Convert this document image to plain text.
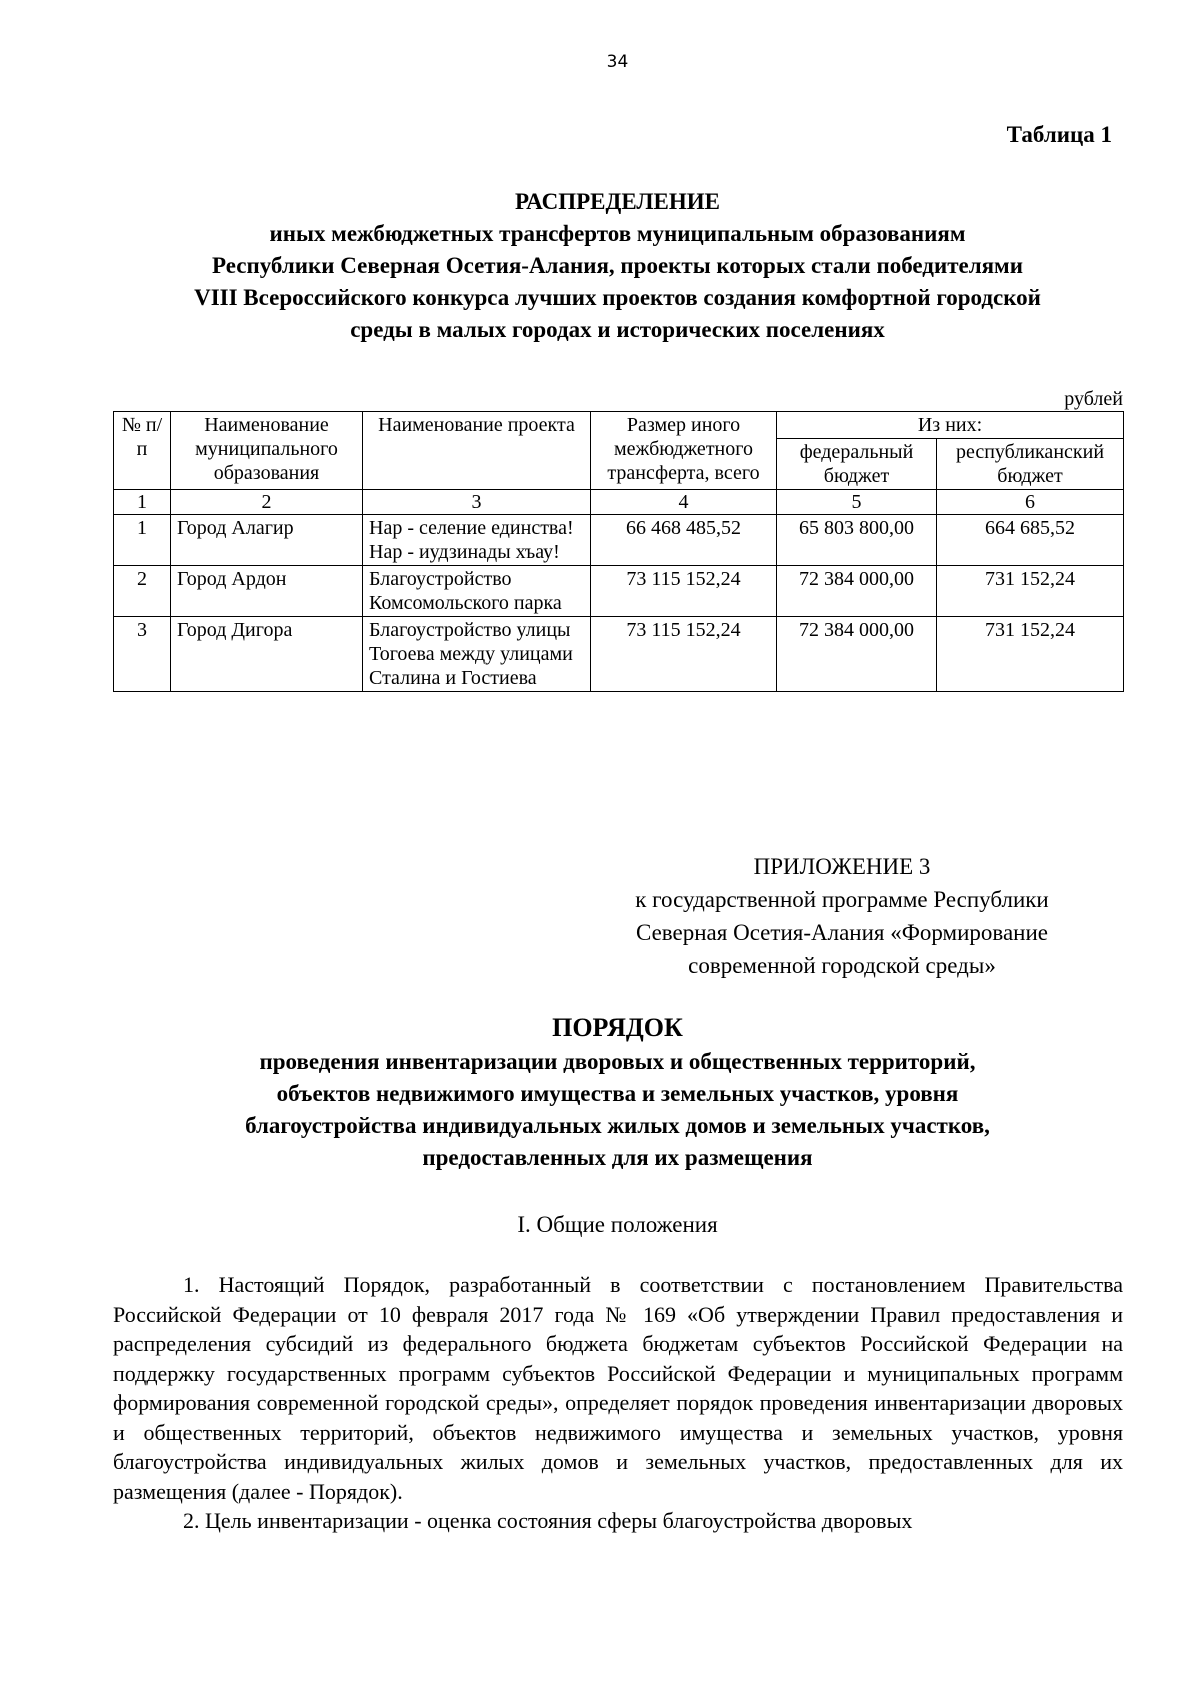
34
Таблица 1
РАСПРЕДЕЛЕНИЕ
иных межбюджетных трансфертов муниципальным образованиям
Республики Северная Осетия-Алания, проекты которых стали победителями
VIII Всероссийского конкурса лучших проектов создания комфортной городской
среды в малых городах и исторических поселениях
рублей
№ п/п	Наименование муниципального образования	Наименование проекта	Размер иного межбюджетного трансферта, всего	Из них:	
				федеральный бюджет	республиканский бюджет
1	2	3	4	5	6
1	Город Алагир	Нар - селение единства! Нар - иудзинады хъау!	66 468 485,52	65 803 800,00	664 685,52
2	Город Ардон	Благоустройство Комсомольского парка	73 115 152,24	72 384 000,00	731 152,24
3	Город Дигора	Благоустройство улицы Тогоева между улицами Сталина и Гостиева	73 115 152,24	72 384 000,00	731 152,24
ПРИЛОЖЕНИЕ 3
к государственной программе Республики
Северная Осетия-Алания «Формирование
современной городской среды»
ПОРЯДОК
проведения инвентаризации дворовых и общественных территорий,
объектов недвижимого имущества и земельных участков, уровня
благоустройства индивидуальных жилых домов и земельных участков,
предоставленных для их размещения
I. Общие положения

1. Настоящий Порядок, разработанный в соответствии с постановлением Правительства Российской Федерации от 10 февраля 2017 года № 169 «Об утверждении Правил предоставления и распределения субсидий из федерального бюджета бюджетам субъектов Российской Федерации на поддержку государственных программ субъектов Российской Федерации и муниципальных программ формирования современной городской среды», определяет порядок проведения инвентаризации дворовых и общественных территорий, объектов недвижимого имущества и земельных участков, уровня благоустройства индивидуальных жилых домов и земельных участков, предоставленных для их размещения (далее - Порядок).

2. Цель инвентаризации - оценка состояния сферы благоустройства дворовых
